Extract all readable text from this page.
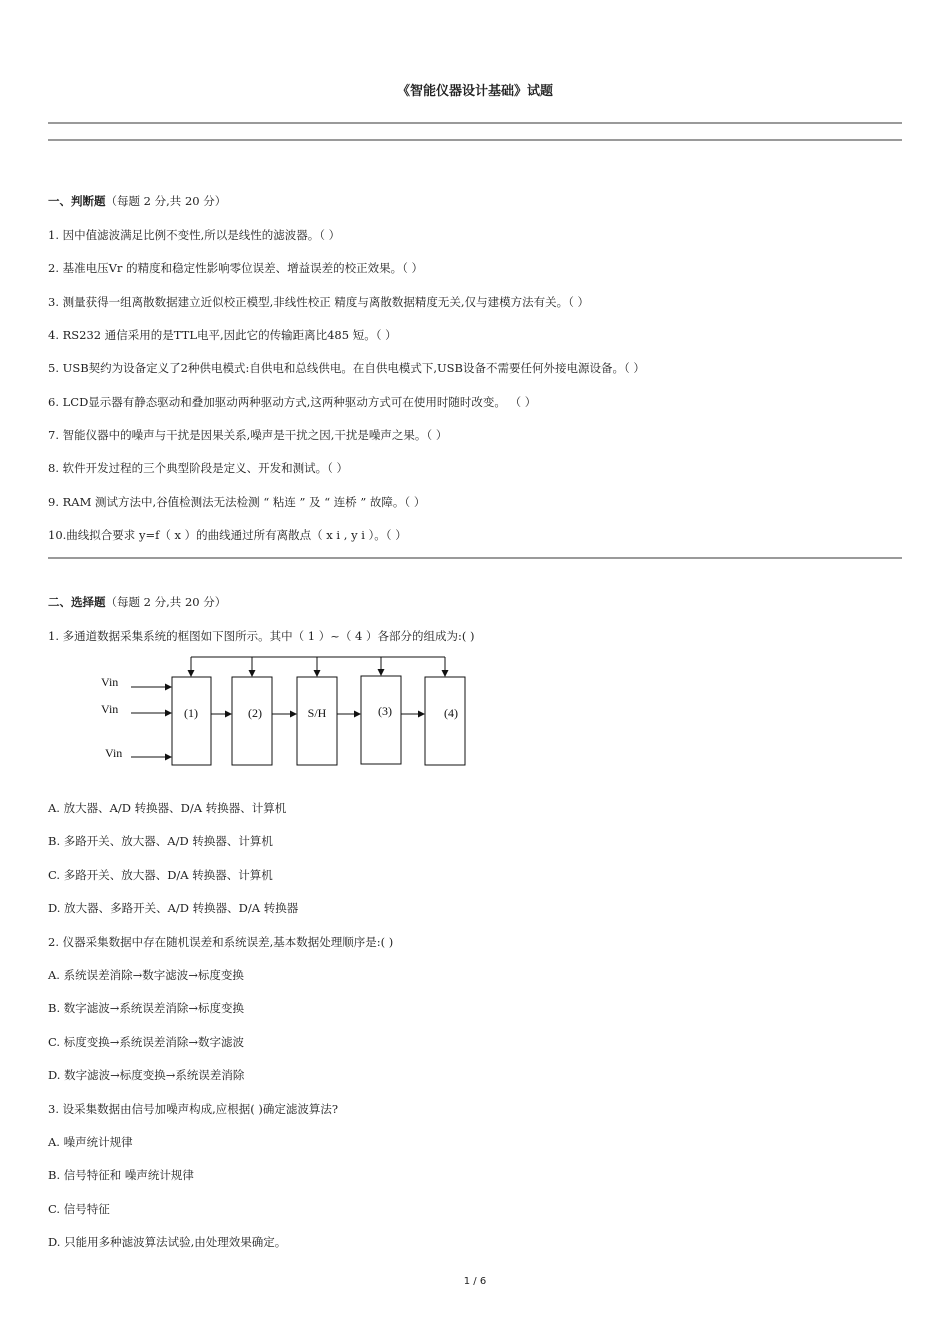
《智能仪器设计基础》试题
一、判断题（每题 2 分,共 20 分）
1. 因中值滤波满足比例不变性,所以是线性的滤波器。（ ）
2. 基准电压Vr 的精度和稳定性影响零位误差、增益误差的校正效果。（ ）
3. 测量获得一组离散数据建立近似校正模型,非线性校正 精度与离散数据精度无关,仅与建模方法有关。（ ）
4. RS232 通信采用的是TTL电平,因此它的传输距离比485 短。（ ）
5. USB契约为设备定义了2种供电模式:自供电和总线供电。在自供电模式下,USB设备不需要任何外接电源设备。（ ）
6. LCD显示器有静态驱动和叠加驱动两种驱动方式,这两种驱动方式可在使用时随时改变。 （ ）
7. 智能仪器中的噪声与干扰是因果关系,噪声是干扰之因,干扰是噪声之果。（ ）
8. 软件开发过程的三个典型阶段是定义、开发和测试。（ ）
9. RAM 测试方法中,谷值检测法无法检测 “ 粘连 ” 及 “ 连桥 ” 故障。（ ）
10.曲线拟合要求 y=f（ x ）的曲线通过所有离散点（ x i , y i ）。（ ）
二、选择题（每题 2 分,共 20 分）
1. 多通道数据采集系统的框图如下图所示。其中（ 1 ）~（ 4 ）各部分的组成为:( )
Vin
Vin
Vin
(1)	(2)	S/H	(3)	(4)
A. 放大器、A/D 转换器、D/A 转换器、计算机
B. 多路开关、放大器、A/D 转换器、计算机
C. 多路开关、放大器、D/A 转换器、计算机
D. 放大器、多路开关、A/D 转换器、D/A 转换器
2. 仪器采集数据中存在随机误差和系统误差,基本数据处理顺序是:( )
A. 系统误差消除→数字滤波→标度变换
B. 数字滤波→系统误差消除→标度变换
C. 标度变换→系统误差消除→数字滤波
D. 数字滤波→标度变换→系统误差消除
3. 设采集数据由信号加噪声构成,应根据( )确定滤波算法?
A. 噪声统计规律
B. 信号特征和 噪声统计规律
C. 信号特征
D. 只能用多种滤波算法试验,由处理效果确定。
1 / 6
